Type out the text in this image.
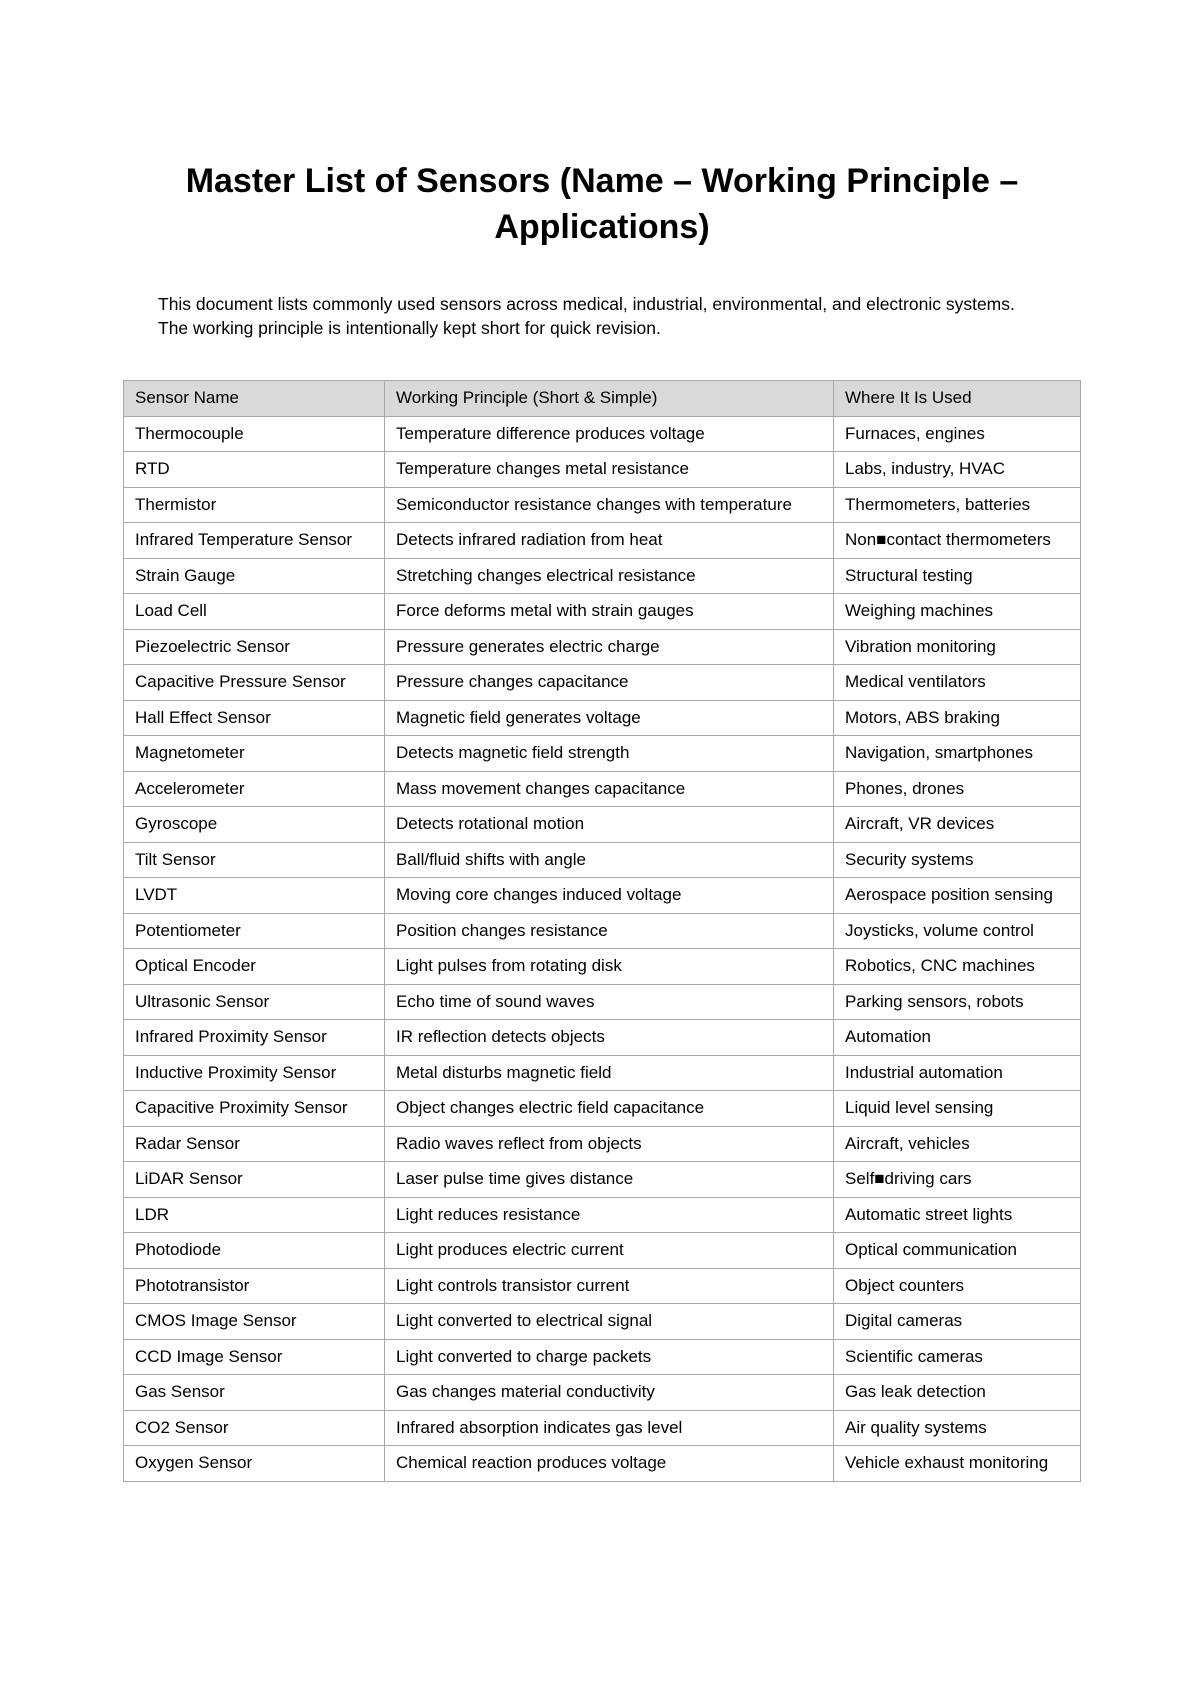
Master List of Sensors (Name – Working Principle – Applications)

This document lists commonly used sensors across medical, industrial, environmental, and electronic systems. The working principle is intentionally kept short for quick revision.

Sensor Name	Working Principle (Short & Simple)	Where It Is Used
Thermocouple	Temperature difference produces voltage	Furnaces, engines
RTD	Temperature changes metal resistance	Labs, industry, HVAC
Thermistor	Semiconductor resistance changes with temperature	Thermometers, batteries
Infrared Temperature Sensor	Detects infrared radiation from heat	Non■contact thermometers
Strain Gauge	Stretching changes electrical resistance	Structural testing
Load Cell	Force deforms metal with strain gauges	Weighing machines
Piezoelectric Sensor	Pressure generates electric charge	Vibration monitoring
Capacitive Pressure Sensor	Pressure changes capacitance	Medical ventilators
Hall Effect Sensor	Magnetic field generates voltage	Motors, ABS braking
Magnetometer	Detects magnetic field strength	Navigation, smartphones
Accelerometer	Mass movement changes capacitance	Phones, drones
Gyroscope	Detects rotational motion	Aircraft, VR devices
Tilt Sensor	Ball/fluid shifts with angle	Security systems
LVDT	Moving core changes induced voltage	Aerospace position sensing
Potentiometer	Position changes resistance	Joysticks, volume control
Optical Encoder	Light pulses from rotating disk	Robotics, CNC machines
Ultrasonic Sensor	Echo time of sound waves	Parking sensors, robots
Infrared Proximity Sensor	IR reflection detects objects	Automation
Inductive Proximity Sensor	Metal disturbs magnetic field	Industrial automation
Capacitive Proximity Sensor	Object changes electric field capacitance	Liquid level sensing
Radar Sensor	Radio waves reflect from objects	Aircraft, vehicles
LiDAR Sensor	Laser pulse time gives distance	Self■driving cars
LDR	Light reduces resistance	Automatic street lights
Photodiode	Light produces electric current	Optical communication
Phototransistor	Light controls transistor current	Object counters
CMOS Image Sensor	Light converted to electrical signal	Digital cameras
CCD Image Sensor	Light converted to charge packets	Scientific cameras
Gas Sensor	Gas changes material conductivity	Gas leak detection
CO2 Sensor	Infrared absorption indicates gas level	Air quality systems
Oxygen Sensor	Chemical reaction produces voltage	Vehicle exhaust monitoring
